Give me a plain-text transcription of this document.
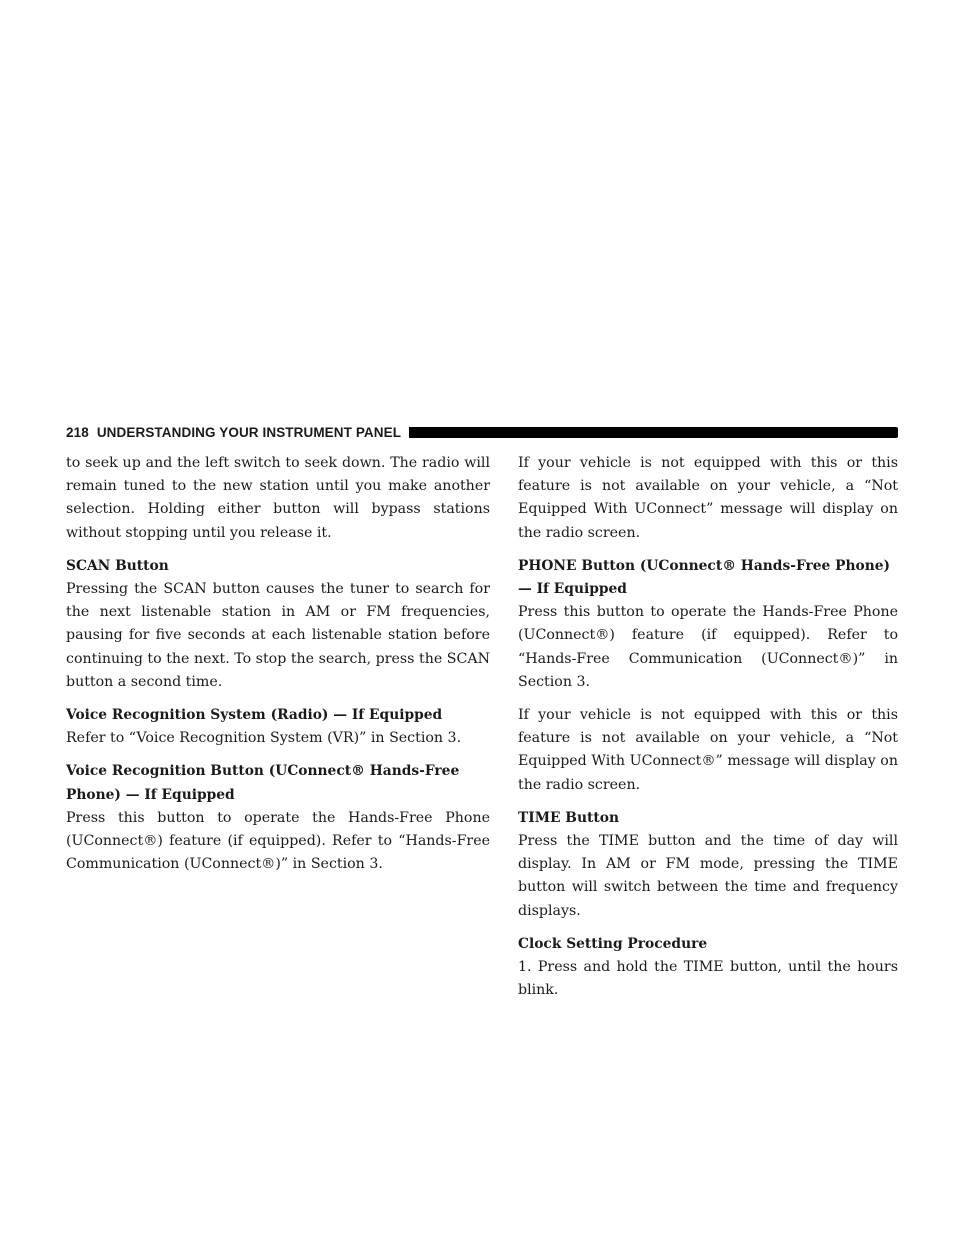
218 UNDERSTANDING YOUR INSTRUMENT PANEL

to seek up and the left switch to seek down. The radio will remain tuned to the new station until you make another selection. Holding either button will bypass stations without stopping until you release it.

SCAN Button

Pressing the SCAN button causes the tuner to search for the next listenable station in AM or FM frequencies, pausing for five seconds at each listenable station before continuing to the next. To stop the search, press the SCAN button a second time.

Voice Recognition System (Radio) — If Equipped

Refer to “Voice Recognition System (VR)” in Section 3.

Voice Recognition Button (UConnect® Hands-Free Phone) — If Equipped

Press this button to operate the Hands-Free Phone (UConnect®) feature (if equipped). Refer to “Hands-Free Communication (UConnect®)” in Section 3.

If your vehicle is not equipped with this or this feature is not available on your vehicle, a “Not Equipped With UConnect” message will display on the radio screen.

PHONE Button (UConnect® Hands-Free Phone) — If Equipped

Press this button to operate the Hands-Free Phone (UConnect®) feature (if equipped). Refer to “Hands-Free Communication (UConnect®)” in Section 3.

If your vehicle is not equipped with this or this feature is not available on your vehicle, a “Not Equipped With UConnect®” message will display on the radio screen.

TIME Button

Press the TIME button and the time of day will display. In AM or FM mode, pressing the TIME button will switch between the time and frequency displays.

Clock Setting Procedure

1. Press and hold the TIME button, until the hours blink.
